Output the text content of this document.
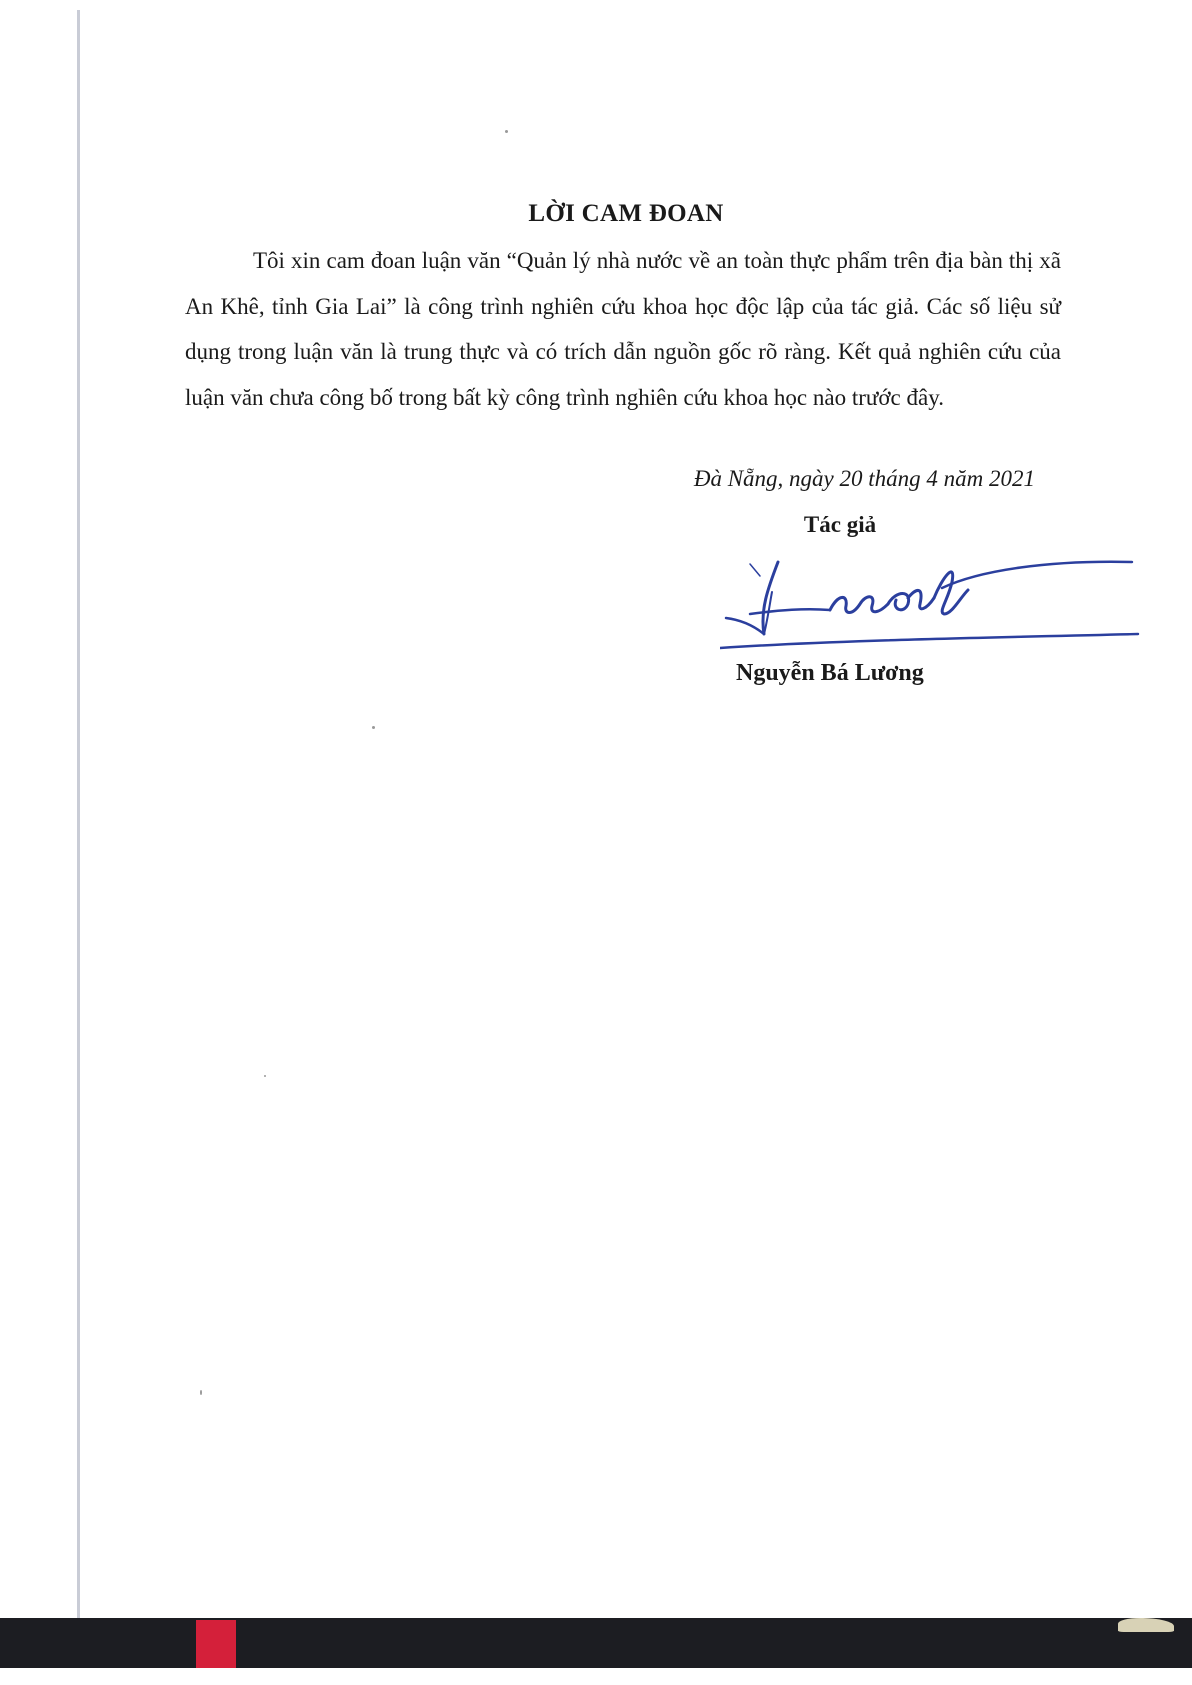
LỜI CAM ĐOAN

Tôi xin cam đoan luận văn “Quản lý nhà nước về an toàn thực phẩm trên địa bàn thị xã An Khê, tỉnh Gia Lai” là công trình nghiên cứu khoa học độc lập của tác giả. Các số liệu sử dụng trong luận văn là trung thực và có trích dẫn nguồn gốc rõ ràng. Kết quả nghiên cứu của luận văn chưa công bố trong bất kỳ công trình nghiên cứu khoa học nào trước đây.

Đà Nẵng, ngày 20 tháng 4 năm 2021
Tác giả
Nguyễn Bá Lương
